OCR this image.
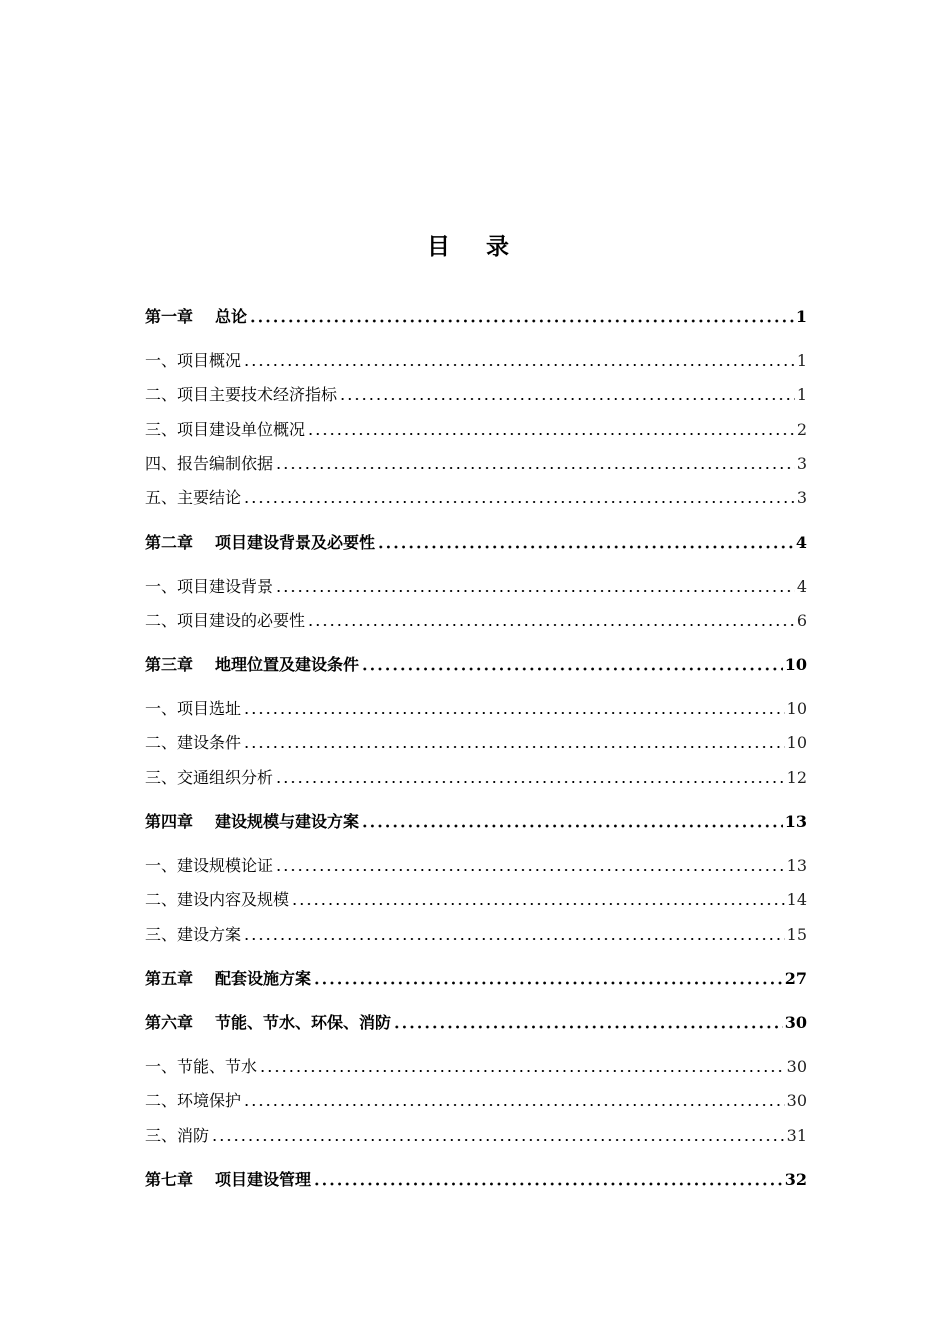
目 录
第一章 总论	1
一、 项目概况	1
二、 项目主要技术经济指标	1
三、 项目建设单位概况	2
四、 报告编制依据	3
五、 主要结论	3
第二章 项目建设背景及必要性	4
一、 项目建设背景	4
二、 项目建设的必要性	6
第三章 地理位置及建设条件	10
一、 项目选址	10
二、 建设条件	10
三、 交通组织分析	12
第四章 建设规模与建设方案	13
一、 建设规模论证	13
二、 建设内容及规模	14
三、 建设方案	15
第五章 配套设施方案	27
第六章 节能、节水、环保、消防	30
一、 节能、节水	30
二、 环境保护	30
三、 消防	31
第七章 项目建设管理	32
